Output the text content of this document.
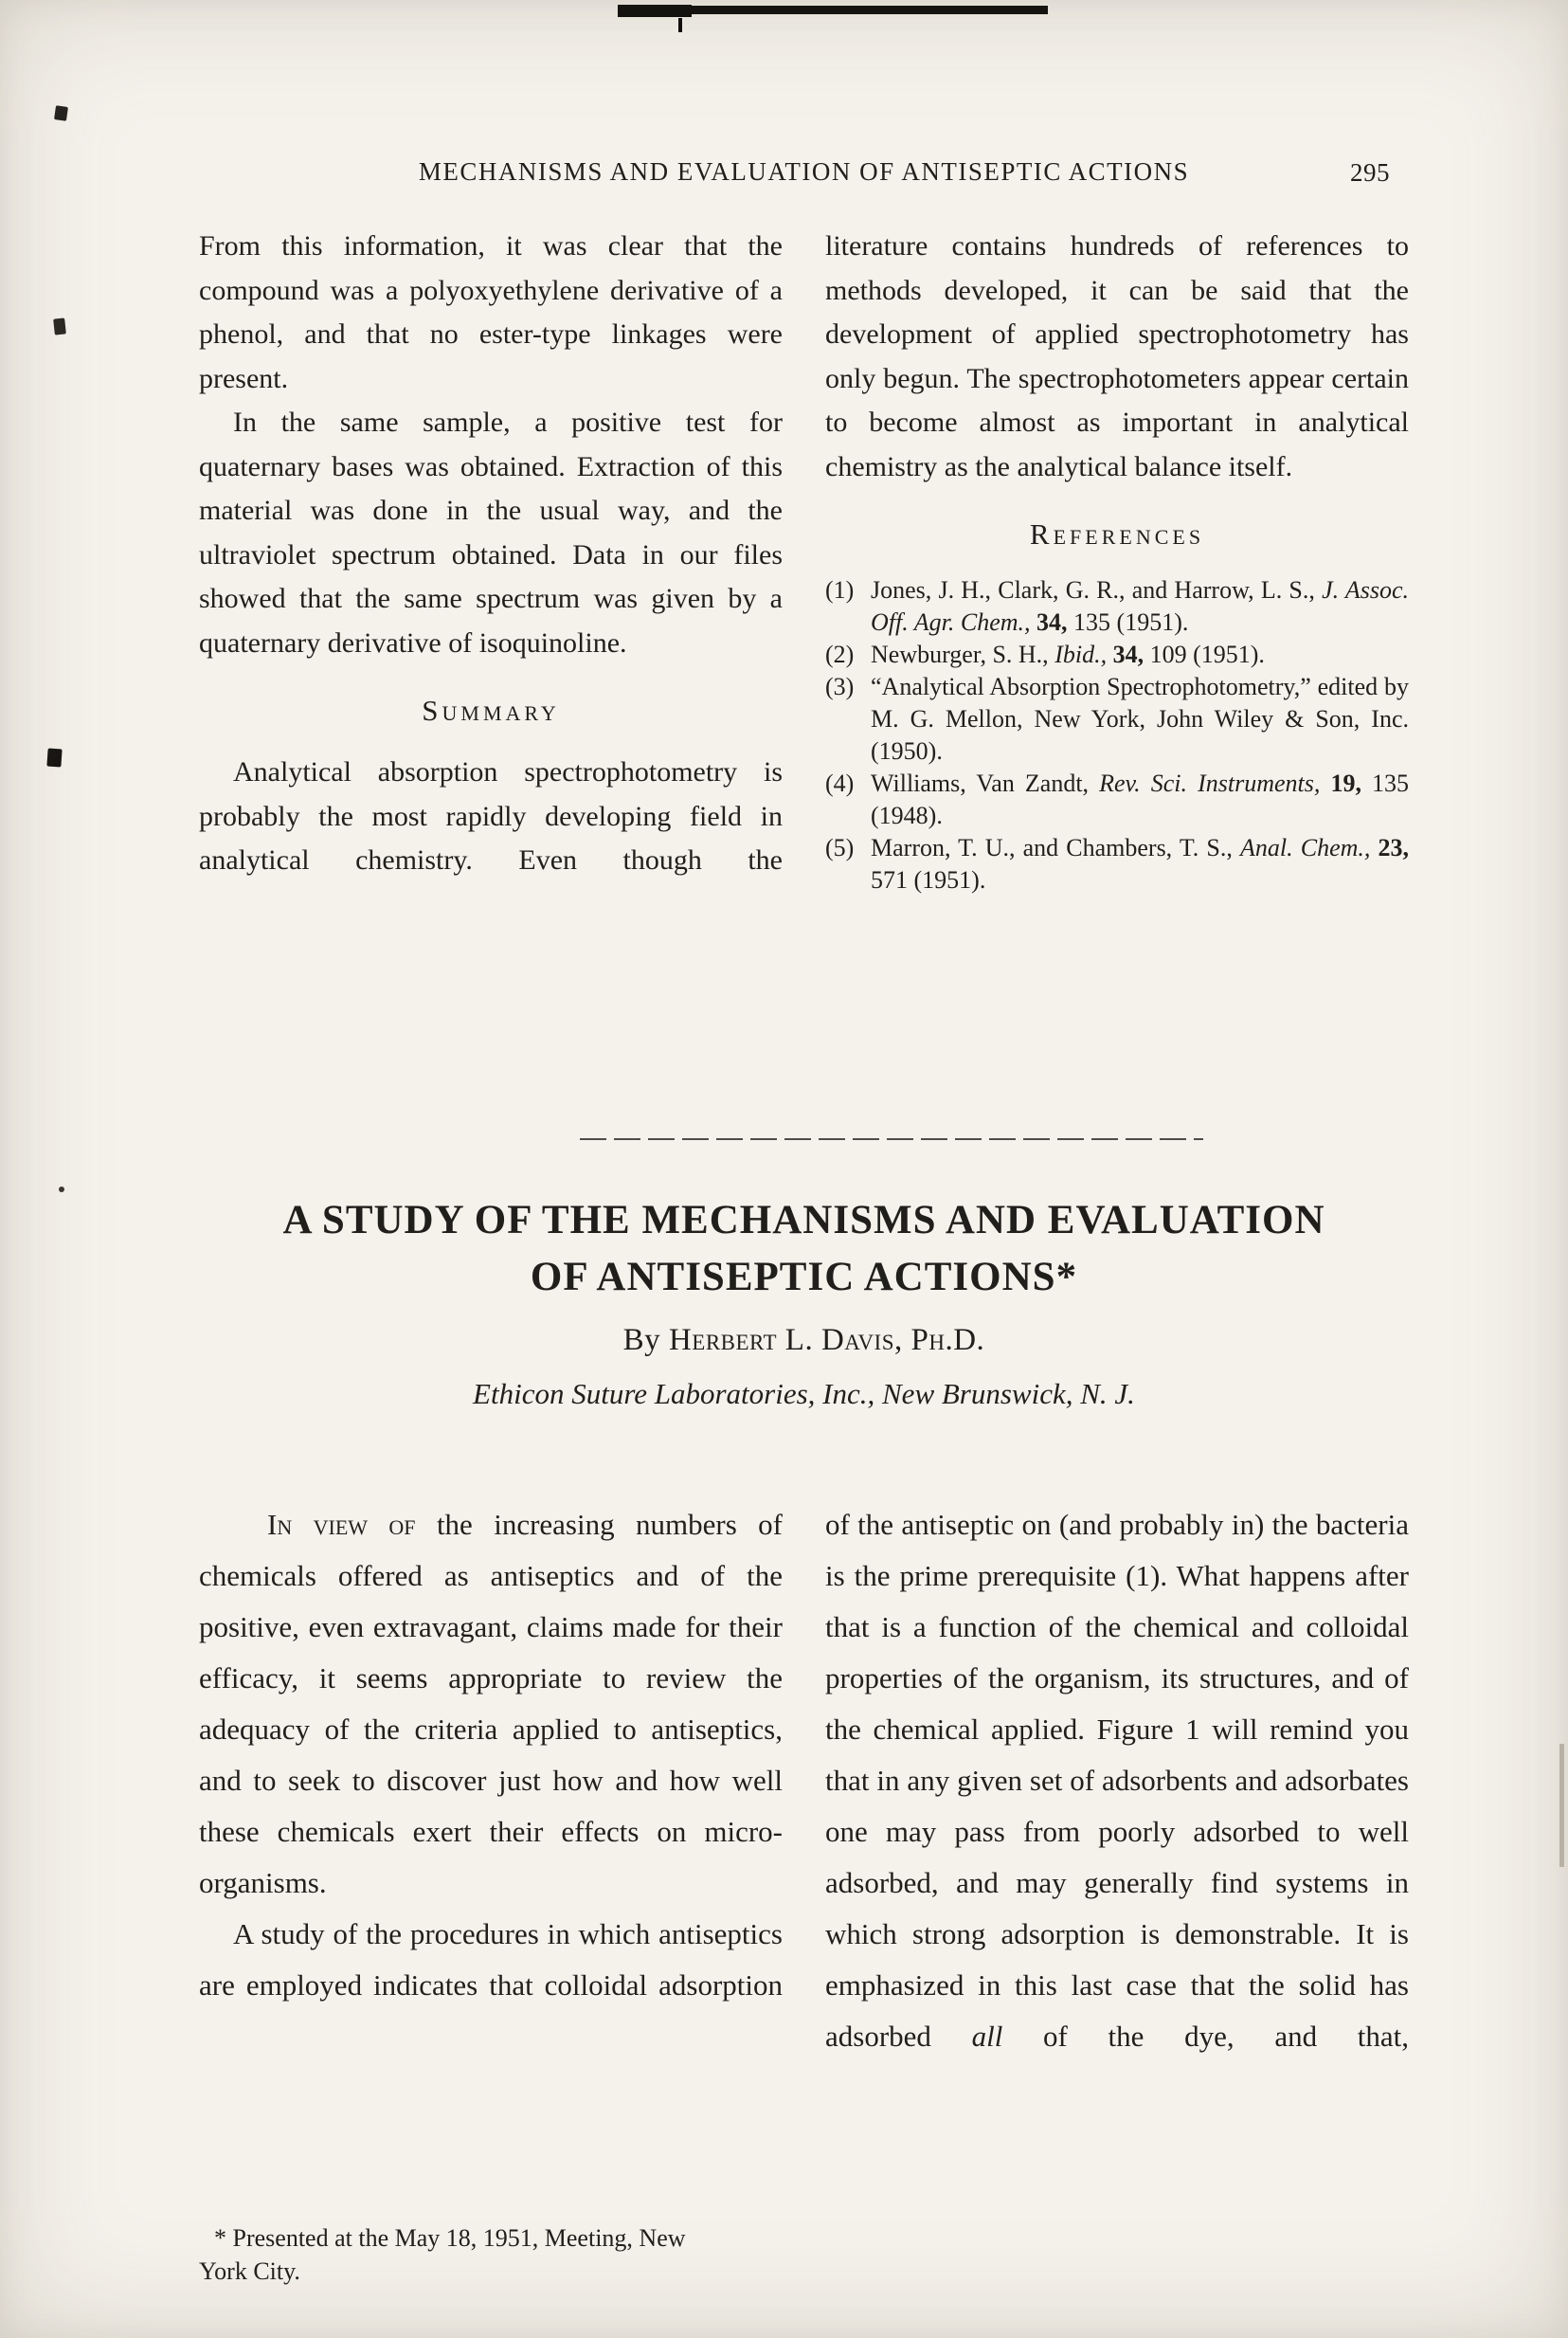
MECHANISMS AND EVALUATION OF ANTISEPTIC ACTIONS	295

From this information, it was clear that the compound was a polyoxyethylene derivative of a phenol, and that no ester-type linkages were present.

In the same sample, a positive test for quaternary bases was obtained. Extraction of this material was done in the usual way, and the ultraviolet spectrum obtained. Data in our files showed that the same spectrum was given by a quaternary derivative of isoquinoline.

Summary

Analytical absorption spectrophotometry is probably the most rapidly developing field in analytical chemistry. Even though the

literature contains hundreds of references to methods developed, it can be said that the development of applied spectrophotometry has only begun. The spectrophotometers appear certain to become almost as important in analytical chemistry as the analytical balance itself.

References
(1) Jones, J. H., Clark, G. R., and Harrow, L. S., J. Assoc. Off. Agr. Chem., 34, 135 (1951).
(2) Newburger, S. H., Ibid., 34, 109 (1951).
(3) “Analytical Absorption Spectrophotometry,” edited by M. G. Mellon, New York, John Wiley & Son, Inc. (1950).
(4) Williams, Van Zandt, Rev. Sci. Instruments, 19, 135 (1948).
(5) Marron, T. U., and Chambers, T. S., Anal. Chem., 23, 571 (1951).
A STUDY OF THE MECHANISMS AND EVALUATION
OF ANTISEPTIC ACTIONS*
By Herbert L. Davis, Ph.D.
Ethicon Suture Laboratories, Inc., New Brunswick, N. J.

In view of the increasing numbers of chemicals offered as antiseptics and of the positive, even extravagant, claims made for their efficacy, it seems appropriate to review the adequacy of the criteria applied to antiseptics, and to seek to discover just how and how well these chemicals exert their effects on micro-organisms.

A study of the procedures in which antiseptics are employed indicates that colloidal adsorption

* Presented at the May 18, 1951, Meeting, New York City.

of the antiseptic on (and probably in) the bacteria is the prime prerequisite (1). What happens after that is a function of the chemical and colloidal properties of the organism, its structures, and of the chemical applied. Figure 1 will remind you that in any given set of adsorbents and adsorbates one may pass from poorly adsorbed to well adsorbed, and may generally find systems in which strong adsorption is demonstrable. It is emphasized in this last case that the solid has adsorbed all of the dye, and that,
